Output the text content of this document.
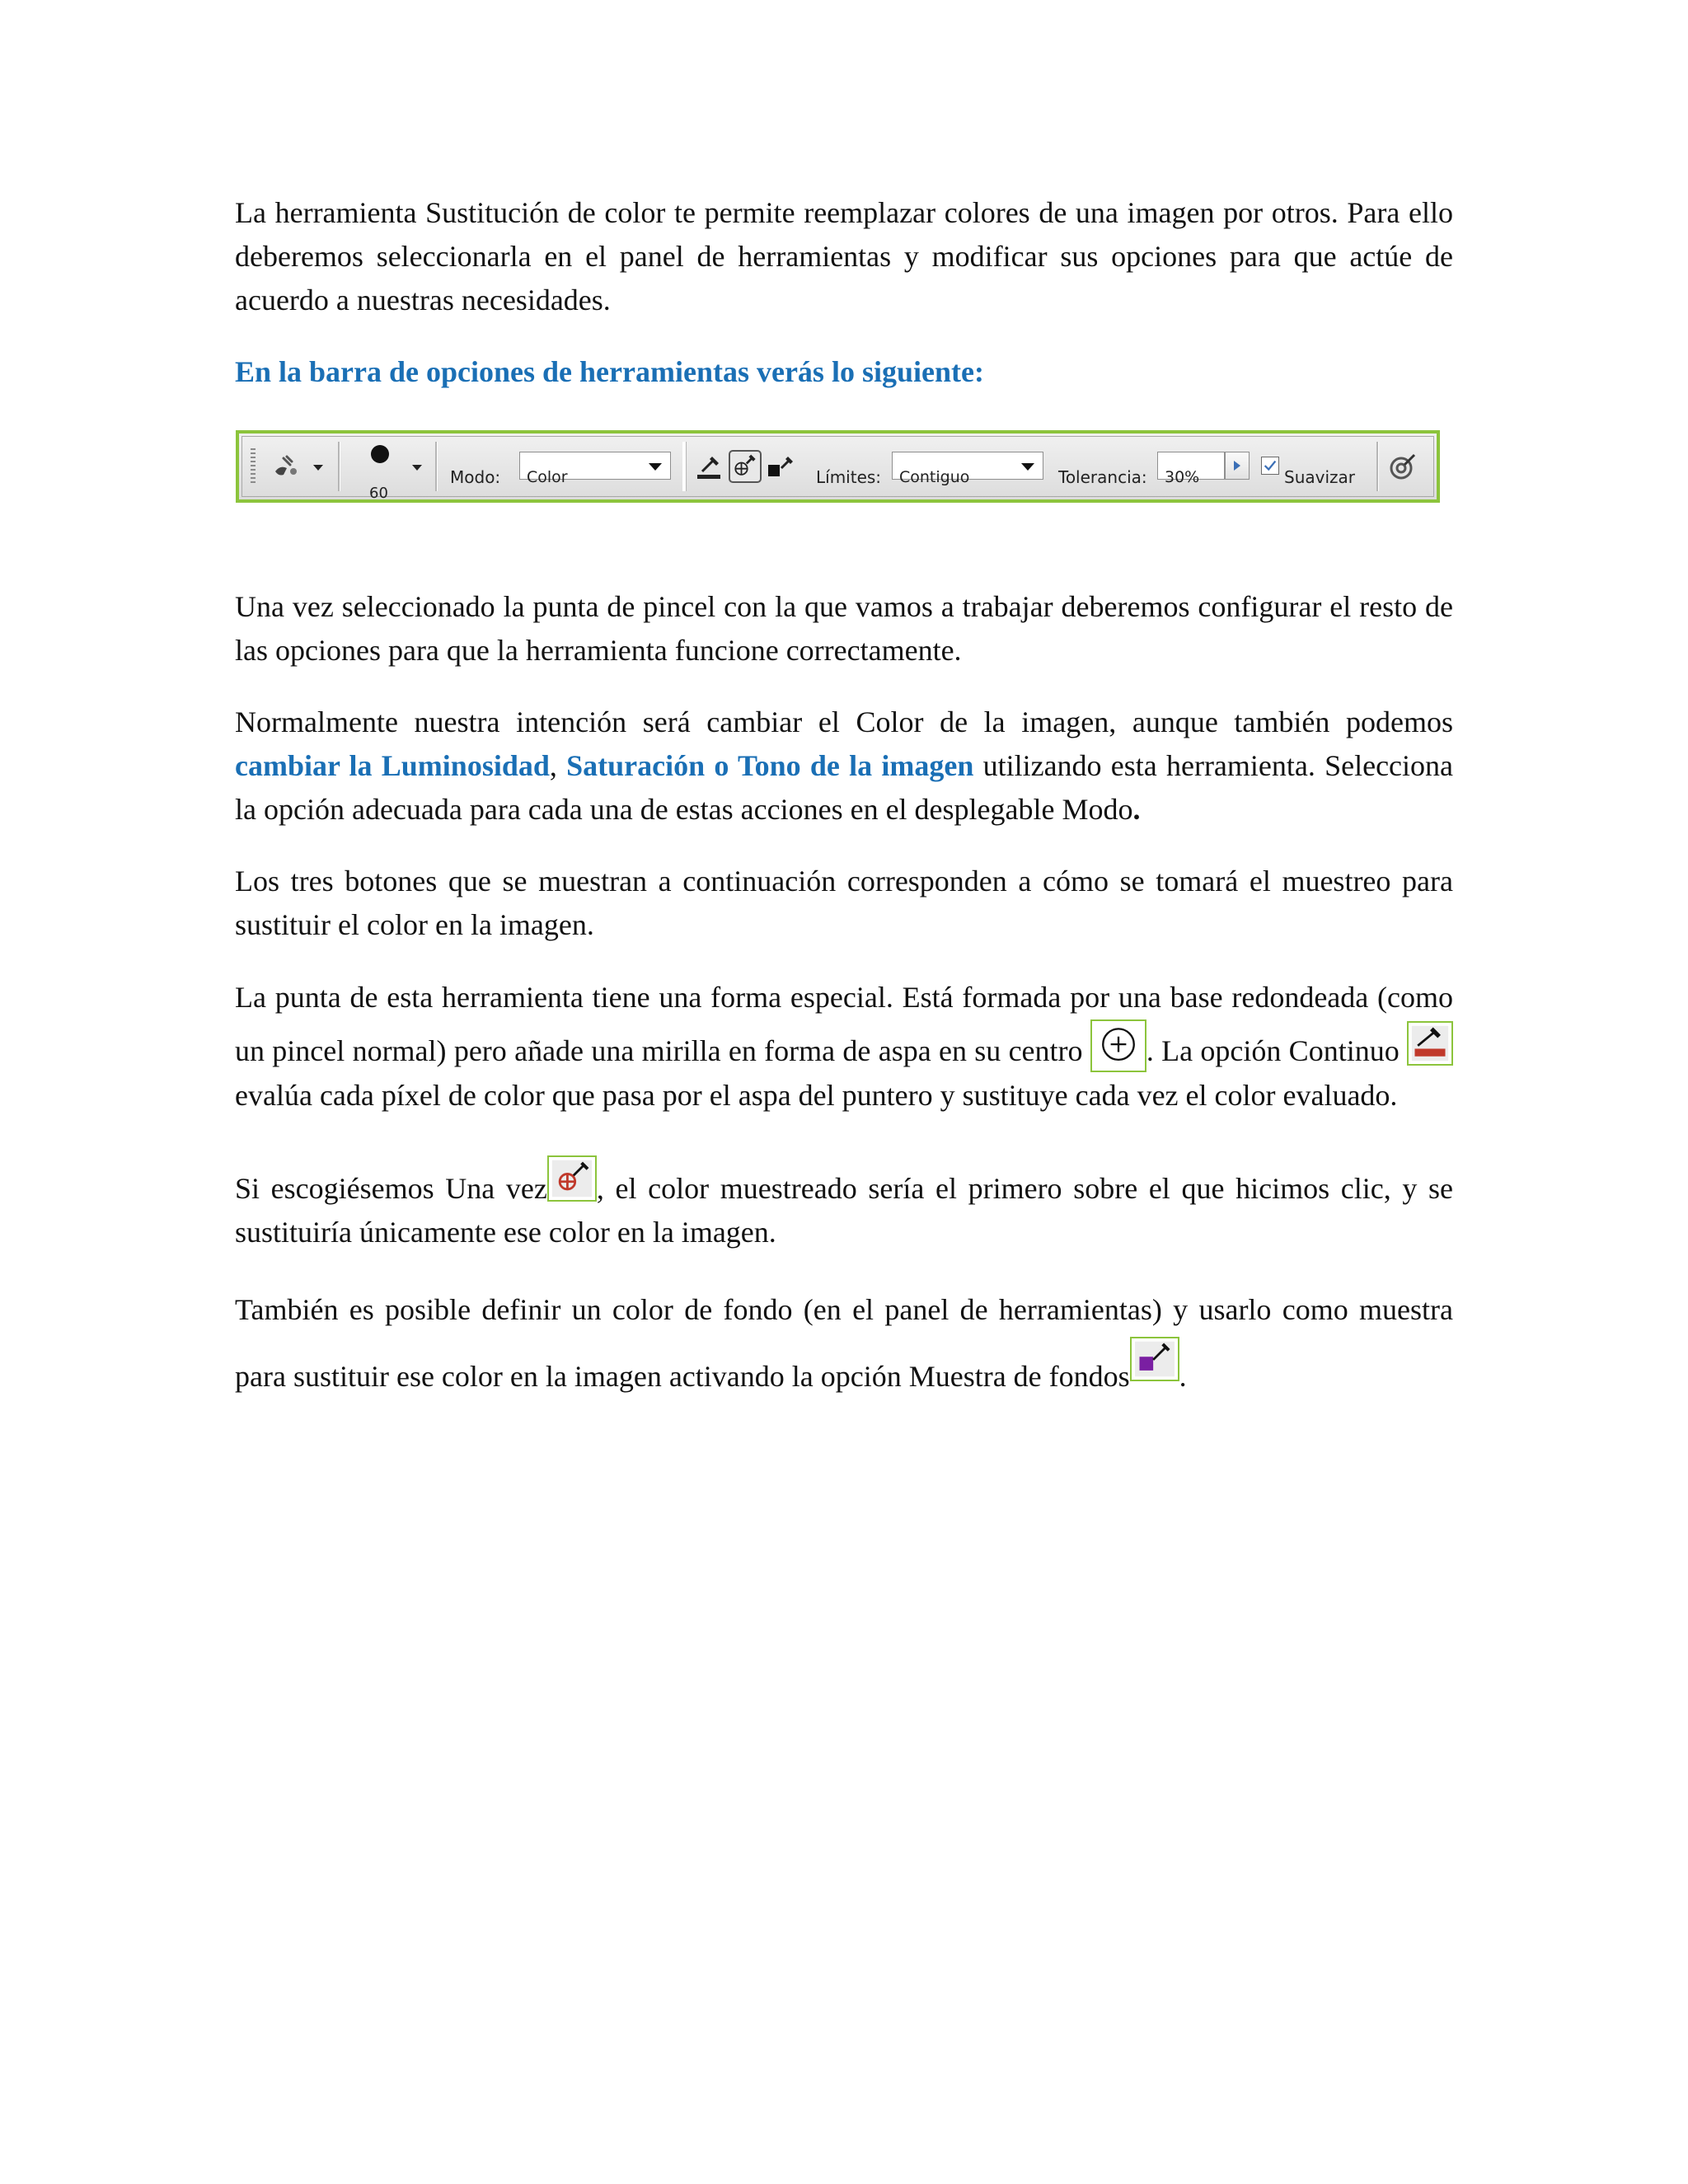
La herramienta Sustitución de color te permite reemplazar colores de una imagen por otros. Para ello deberemos seleccionarla en el panel de herramientas y modificar sus opciones para que actúe de acuerdo a nuestras necesidades.

En la barra de opciones de herramientas verás lo siguiente:

60
Modo:	Color	Límites:	Contiguo	Tolerancia:	30%	Suavizar

Una vez seleccionado la punta de pincel con la que vamos a trabajar deberemos configurar el resto de las opciones para que la herramienta funcione correctamente.

Normalmente nuestra intención será cambiar el Color de la imagen, aunque también podemos cambiar la Luminosidad, Saturación o Tono de la imagen utilizando esta herramienta. Selecciona la opción adecuada para cada una de estas acciones en el desplegable Modo.

Los tres botones que se muestran a continuación corresponden a cómo se tomará el muestreo para sustituir el color en la imagen.

La punta de esta herramienta tiene una forma especial. Está formada por una base redondeada (como un pincel normal) pero añade una mirilla en forma de aspa en su centro
. La opción Continuo
evalúa cada píxel de color que pasa por el aspa del puntero y sustituye cada vez el color evaluado.

Si escogiésemos Una vez , el color muestreado sería el primero sobre el que hicimos clic, y se sustituiría únicamente ese color en la imagen.

También es posible definir un color de fondo (en el panel de herramientas) y usarlo como muestra para sustituir ese color en la imagen activando la opción Muestra de fondos .
